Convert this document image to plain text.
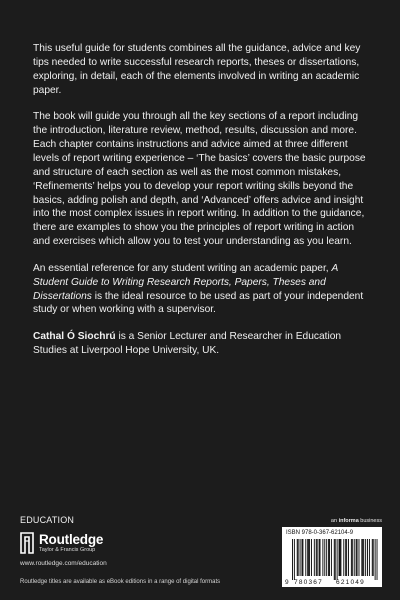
This useful guide for students combines all the guidance, advice and key tips needed to write successful research reports, theses or dissertations, exploring, in detail, each of the elements involved in writing an academic paper.

The book will guide you through all the key sections of a report including the introduction, literature review, method, results, discussion and more. Each chapter contains instructions and advice aimed at three different levels of report writing experience – ‘The basics’ covers the basic purpose and structure of each section as well as the most common mistakes, ‘Refinements’ helps you to develop your report writing skills beyond the basics, adding polish and depth, and ‘Advanced’ offers advice and insight into the most complex issues in report writing. In addition to the guidance, there are examples to show you the principles of report writing in action and exercises which allow you to test your understanding as you learn.

An essential reference for any student writing an academic paper, A Student Guide to Writing Research Reports, Papers, Theses and Dissertations is the ideal resource to be used as part of your independent study or when working with a supervisor.

Cathal Ó Siochrú is a Senior Lecturer and Researcher in Education Studies at Liverpool Hope University, UK.

EDUCATION
Routledge
Taylor & Francis Group
www.routledge.com/education
Routledge titles are available as eBook editions in a range of digital formats
an informa business
ISBN 978-0-367-62104-9
9 780367 621049
